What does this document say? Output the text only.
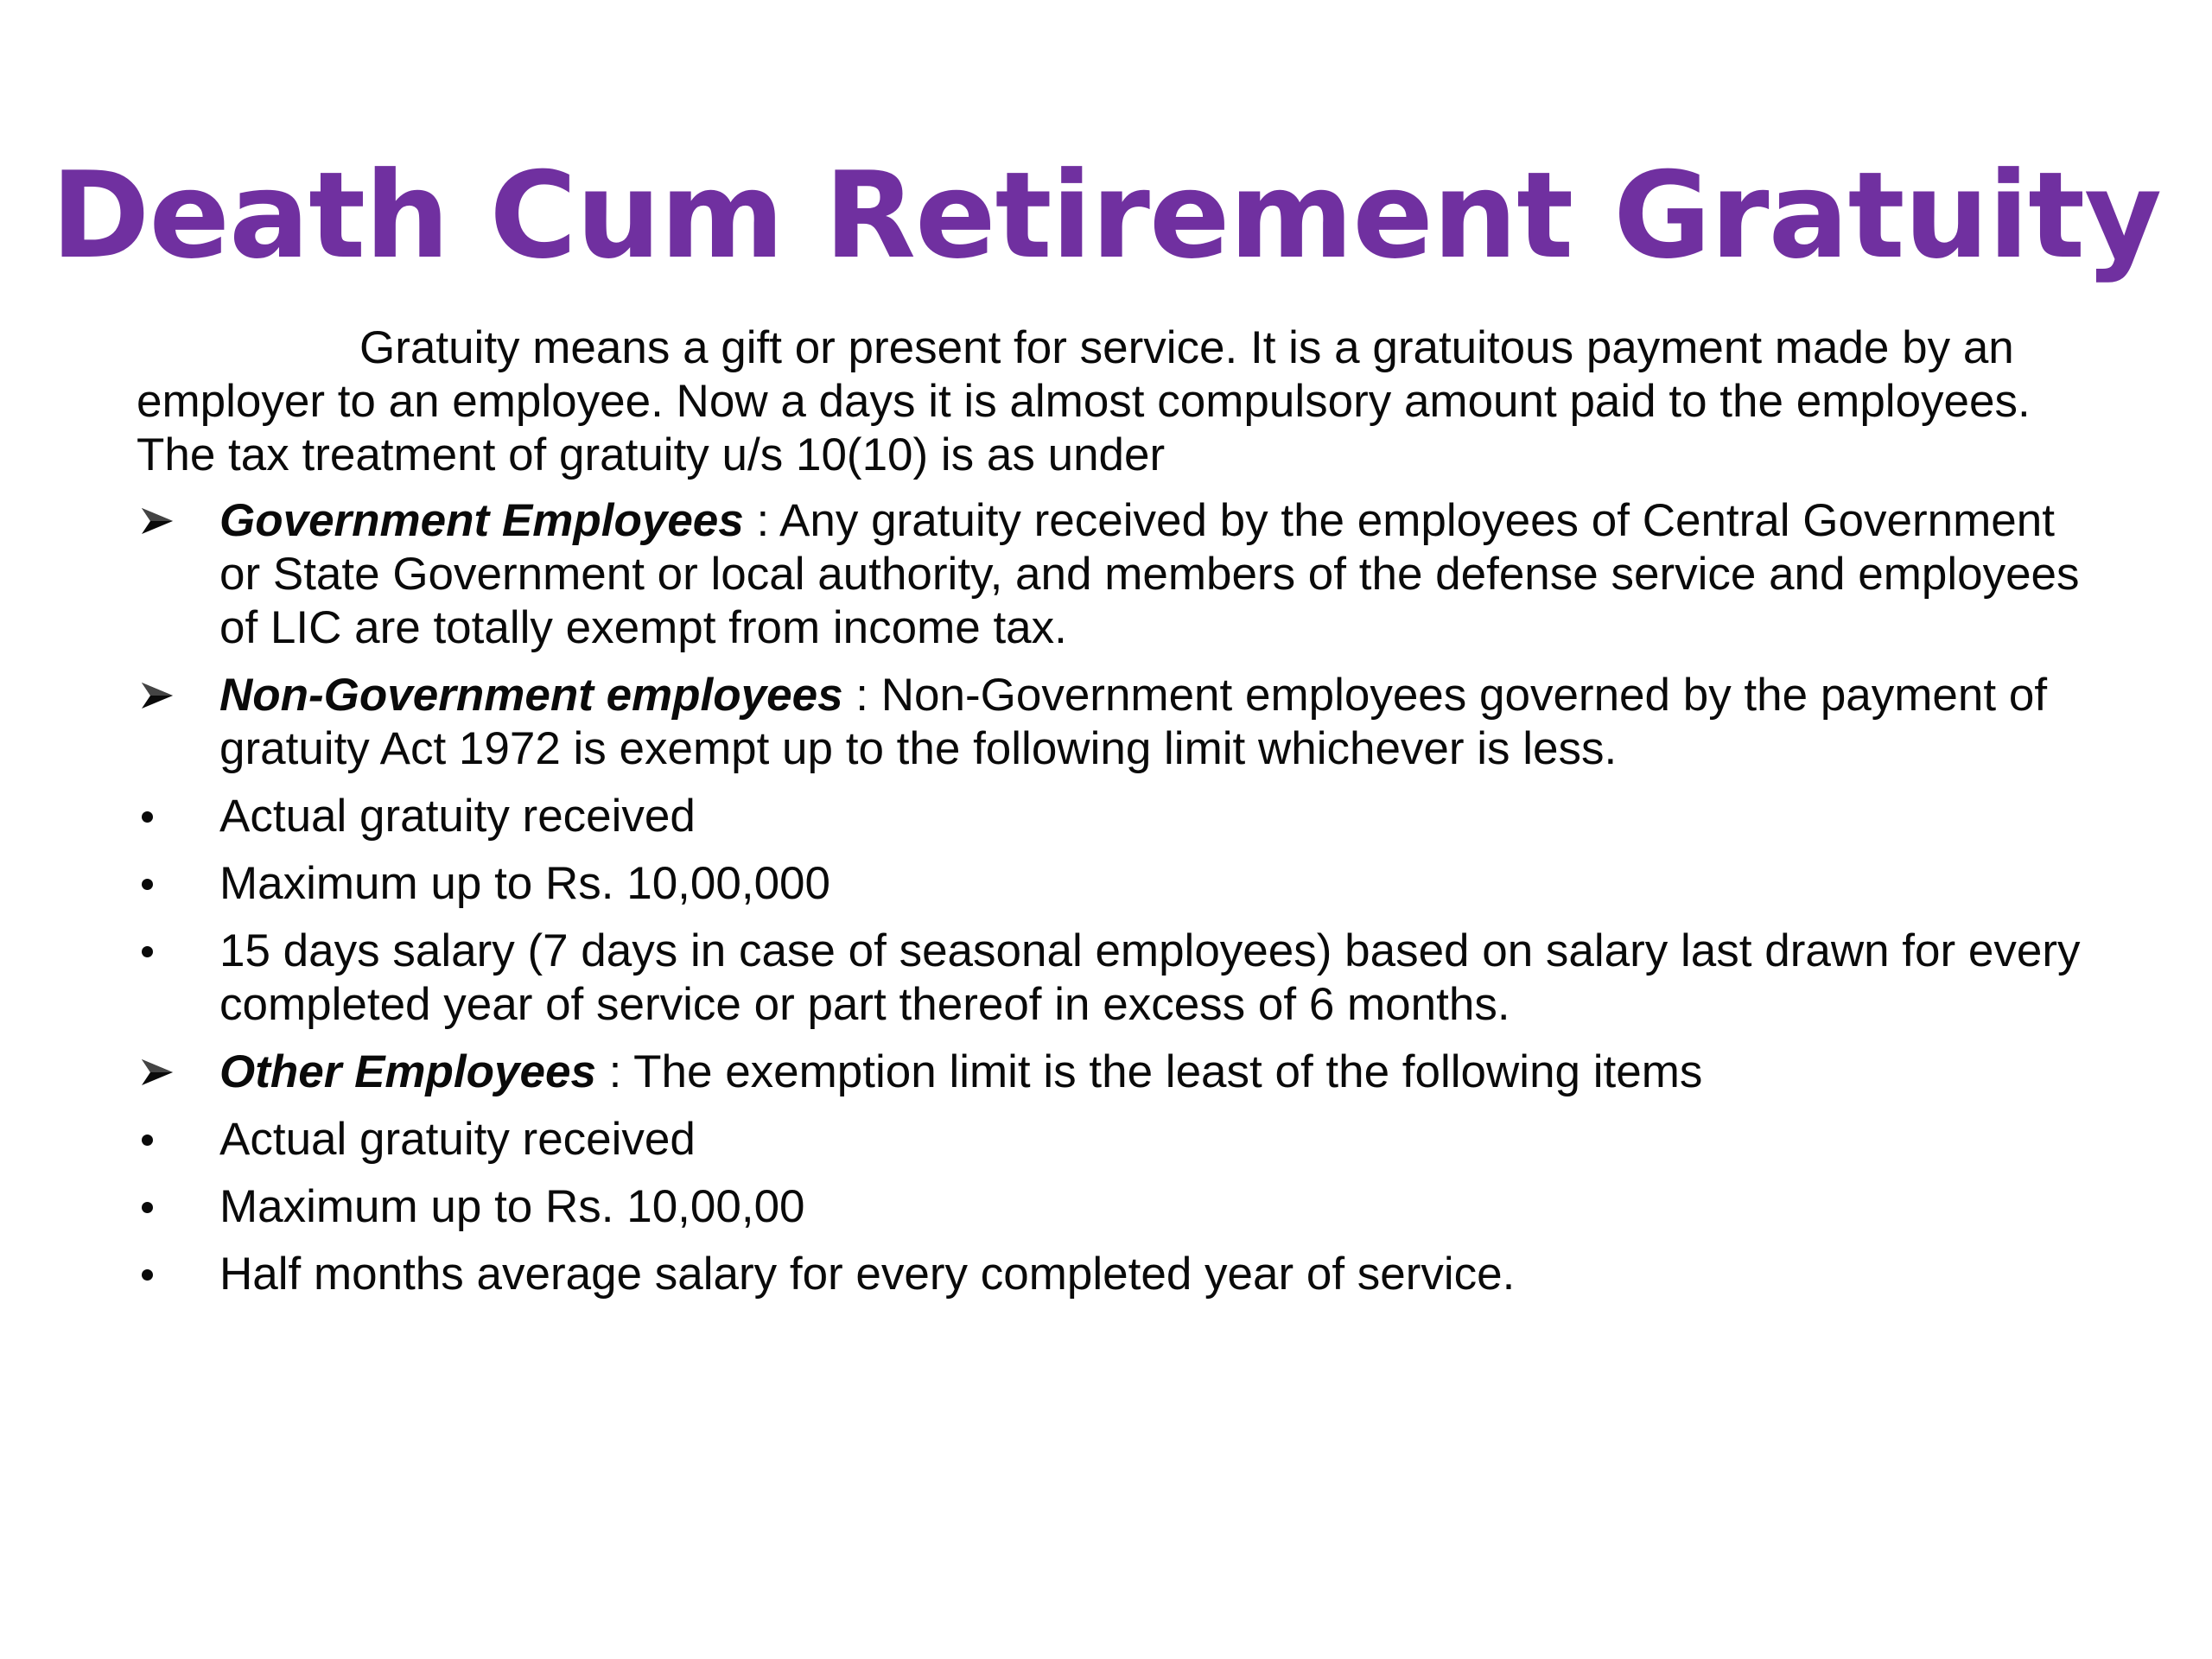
Death Cum Retirement Gratuity

Gratuity means a gift or present for service. It is a gratuitous payment made by an employer to an employee. Now a days it is almost compulsory amount paid to the employees. The tax treatment of gratuity u/s 10(10) is as under

Government Employees : Any gratuity received by the employees of Central Government or State Government or local authority, and members of the defense service and employees of LIC are totally exempt from income tax.
Non-Government employees : Non-Government employees governed by the payment of gratuity Act 1972 is exempt up to the following limit whichever is less.
Actual gratuity received
Maximum up to Rs. 10,00,000
15 days salary (7 days in case of seasonal employees) based on salary last drawn for every completed year of service or part thereof in excess of 6 months.
Other Employees : The exemption limit is the least of the following items
Actual gratuity received
Maximum up to Rs. 10,00,00
Half months average salary for every completed year of service.
